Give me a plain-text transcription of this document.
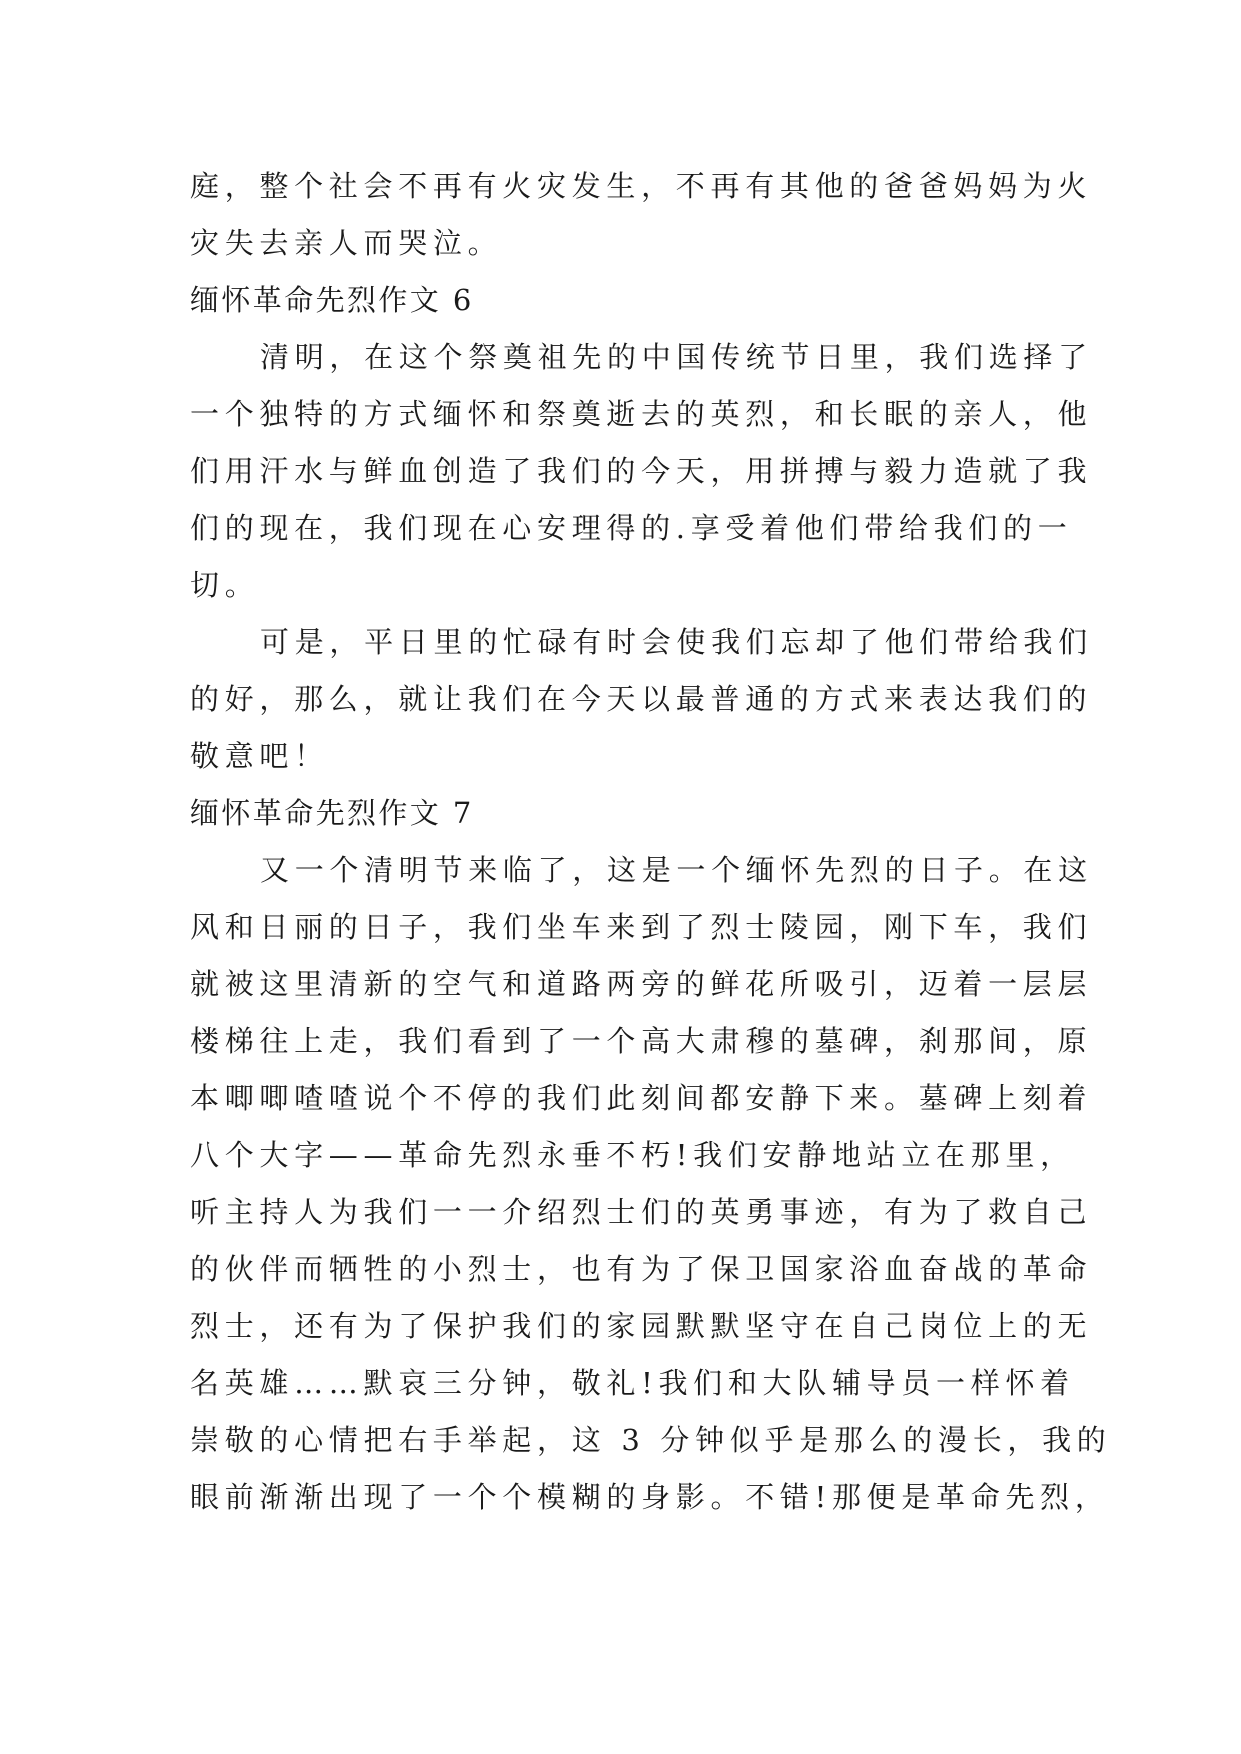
庭，整个社会不再有火灾发生，不再有其他的爸爸妈妈为火
灾失去亲人而哭泣。
缅怀革命先烈作文 6
清明，在这个祭奠祖先的中国传统节日里，我们选择了
一个独特的方式缅怀和祭奠逝去的英烈，和长眠的亲人，他
们用汗水与鲜血创造了我们的今天，用拼搏与毅力造就了我
们的现在，我们现在心安理得的.享受着他们带给我们的一
切。
可是，平日里的忙碌有时会使我们忘却了他们带给我们
的好，那么，就让我们在今天以最普通的方式来表达我们的
敬意吧！
缅怀革命先烈作文 7
又一个清明节来临了，这是一个缅怀先烈的日子。在这
风和日丽的日子，我们坐车来到了烈士陵园，刚下车，我们
就被这里清新的空气和道路两旁的鲜花所吸引，迈着一层层
楼梯往上走，我们看到了一个高大肃穆的墓碑，刹那间，原
本唧唧喳喳说个不停的我们此刻间都安静下来。墓碑上刻着
八个大字——革命先烈永垂不朽!我们安静地站立在那里，
听主持人为我们一一介绍烈士们的英勇事迹，有为了救自己
的伙伴而牺牲的小烈士，也有为了保卫国家浴血奋战的革命
烈士，还有为了保护我们的家园默默坚守在自己岗位上的无
名英雄……默哀三分钟，敬礼!我们和大队辅导员一样怀着
崇敬的心情把右手举起，这 3 分钟似乎是那么的漫长，我的
眼前渐渐出现了一个个模糊的身影。不错!那便是革命先烈，
